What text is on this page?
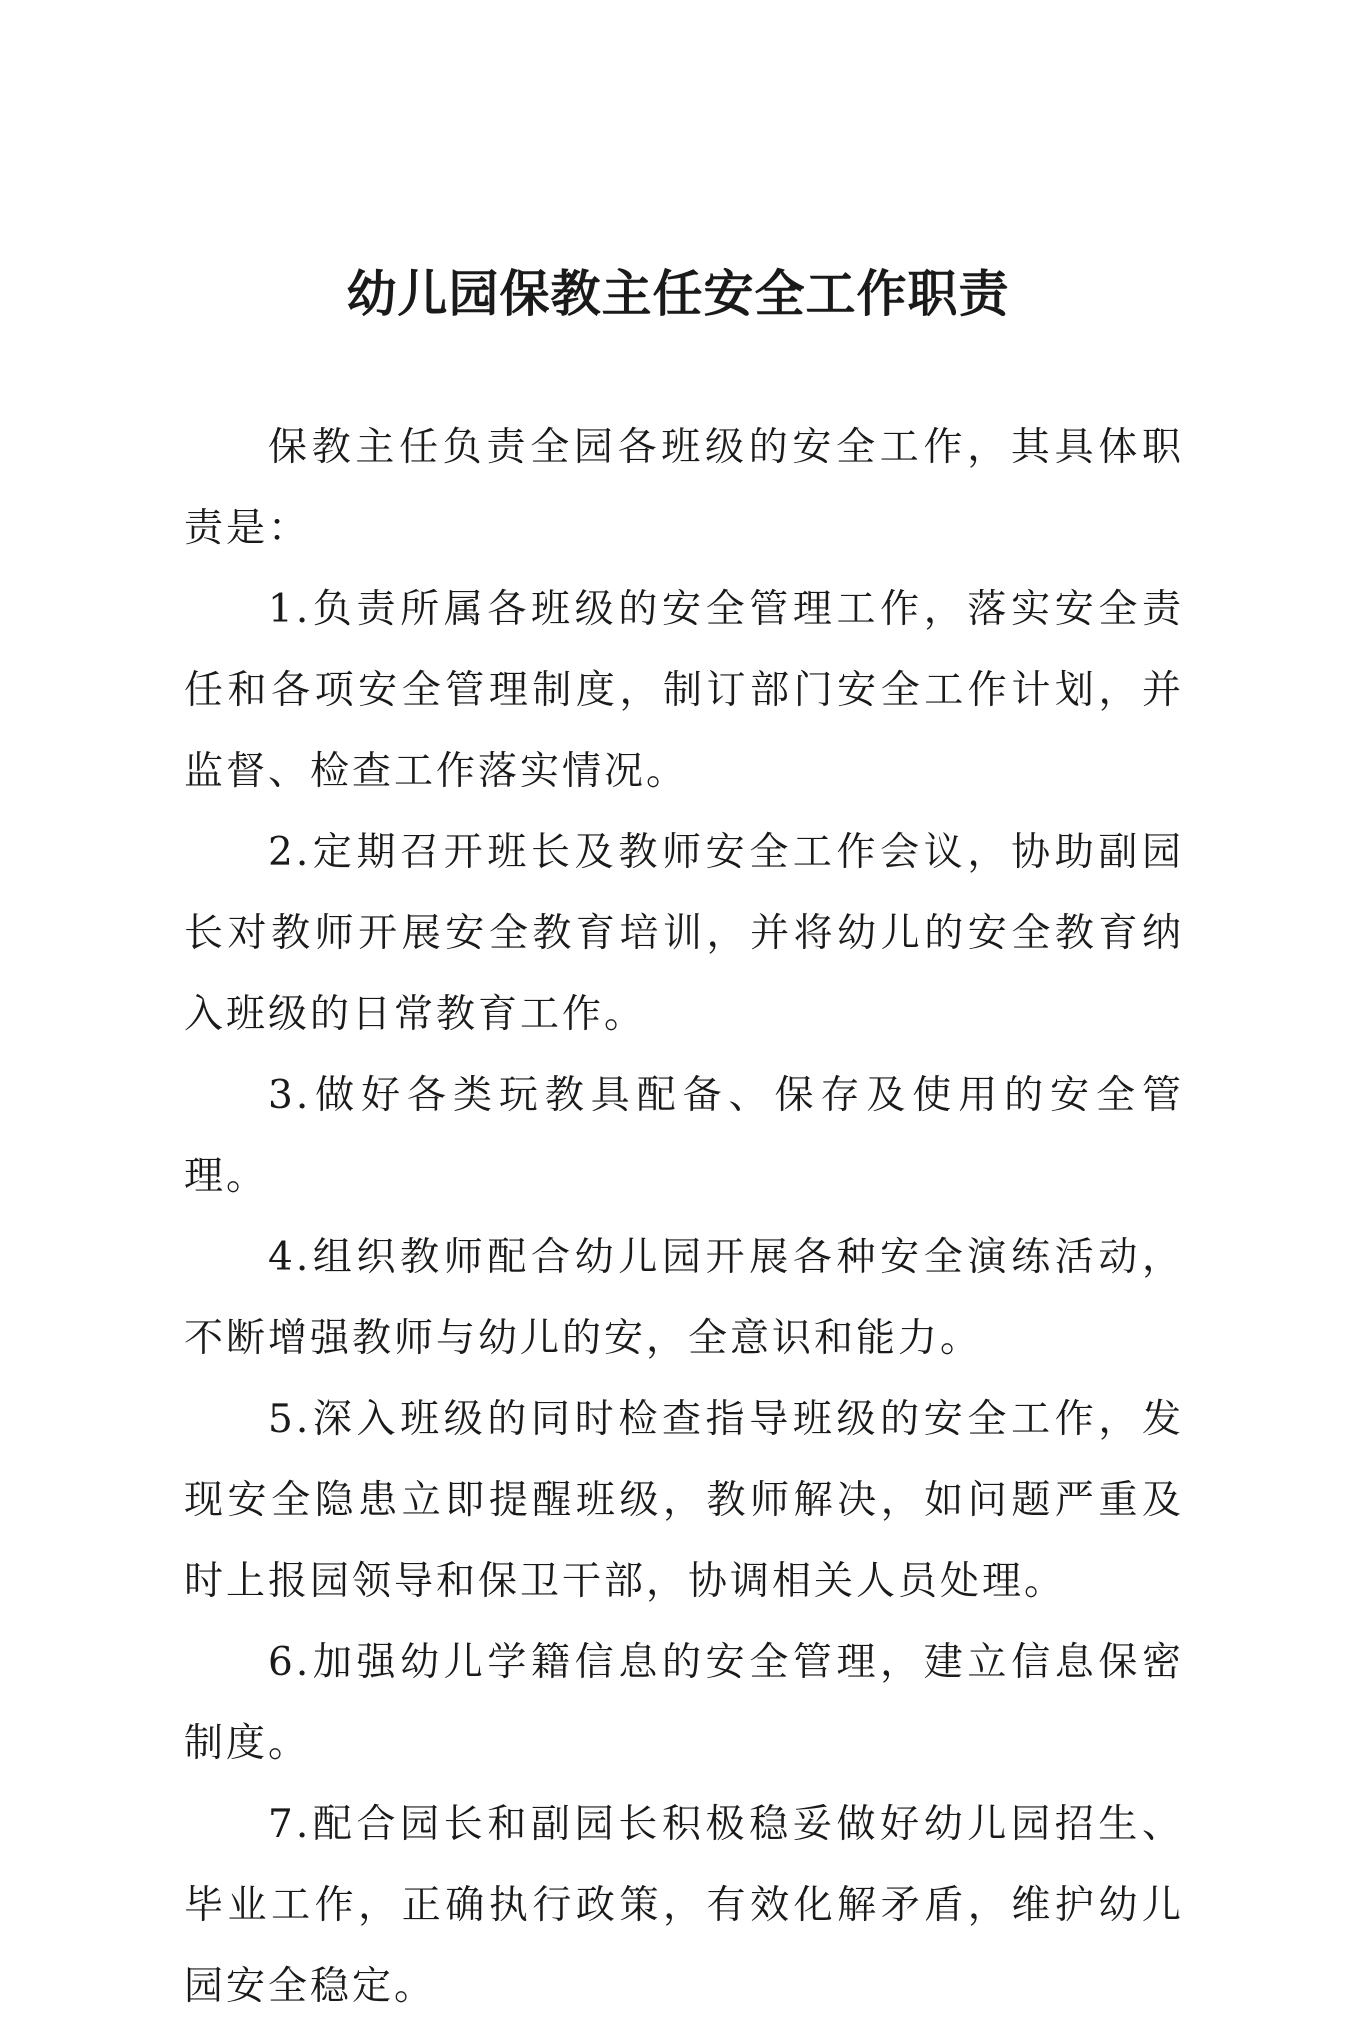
幼儿园保教主任安全工作职责

保教主任负责全园各班级的安全工作，其具体职责是：

1.负责所属各班级的安全管理工作，落实安全责任和各项安全管理制度，制订部门安全工作计划，并监督、检查工作落实情况。

2.定期召开班长及教师安全工作会议，协助副园长对教师开展安全教育培训，并将幼儿的安全教育纳入班级的日常教育工作。

3.做好各类玩教具配备、保存及使用的安全管理。

4.组织教师配合幼儿园开展各种安全演练活动，不断增强教师与幼儿的安，全意识和能力。

5.深入班级的同时检查指导班级的安全工作，发现安全隐患立即提醒班级，教师解决，如问题严重及时上报园领导和保卫干部，协调相关人员处理。

6.加强幼儿学籍信息的安全管理，建立信息保密制度。

7.配合园长和副园长积极稳妥做好幼儿园招生、毕业工作，正确执行政策，有效化解矛盾，维护幼儿园安全稳定。
